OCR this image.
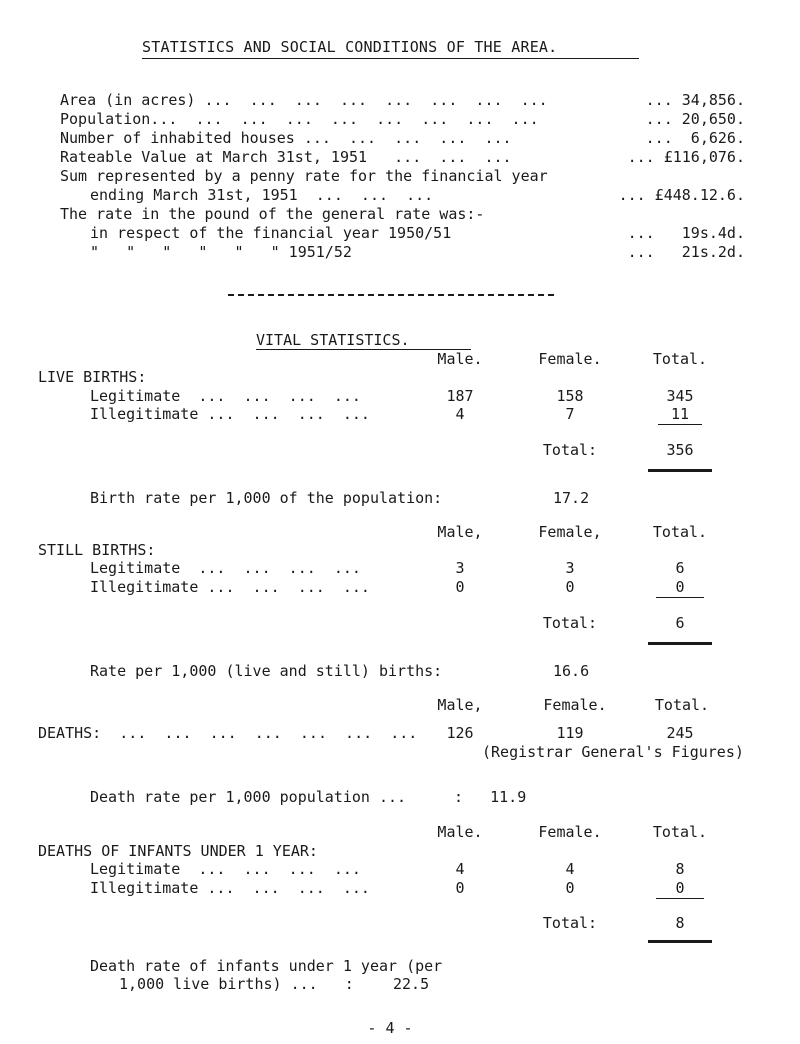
STATISTICS AND SOCIAL CONDITIONS OF THE AREA.
Area (in acres) ...  ...  ...  ...  ...  ...  ...  ...	... 34,856.
Population...  ...  ...  ...  ...  ...  ...  ...  ...	... 20,650.
Number of inhabited houses ...  ...  ...  ...  ...	...  6,626.
Rateable Value at March 31st, 1951   ...  ...  ...	... £116,076.
Sum represented by a penny rate for the financial year
ending March 31st, 1951  ...  ...  ...	... £448.12.6.
The rate in the pound of the general rate was:-
in respect of the financial year 1950/51	...   19s.4d.
"   "   "   "   "   " 1951/52	...   21s.2d.
VITAL STATISTICS.
Male.	Female.	Total.
LIVE BIRTHS:
Legitimate  ...  ...  ...  ...	187	158	345
Illegitimate ...  ...  ...  ...	4	7	11
Total:	356
Birth rate per 1,000 of the population:	17.2
Male,	Female,	Total.
STILL BIRTHS:
Legitimate  ...  ...  ...  ...	3	3	6
Illegitimate ...  ...  ...  ...	0	0	0
Total:	6
Rate per 1,000 (live and still) births:	16.6
Male,	Female.	Total.
DEATHS:  ...  ...  ...  ...  ...  ...  ...	126	119	245
(Registrar General's Figures)
Death rate per 1,000 population ...	:   11.9
Male.	Female.	Total.
DEATHS OF INFANTS UNDER 1 YEAR:
Legitimate  ...  ...  ...  ...	4	4	8
Illegitimate ...  ...  ...  ...	0	0	0
Total:	8
Death rate of infants under 1 year (per
1,000 live births) ...   :	22.5
- 4 -
